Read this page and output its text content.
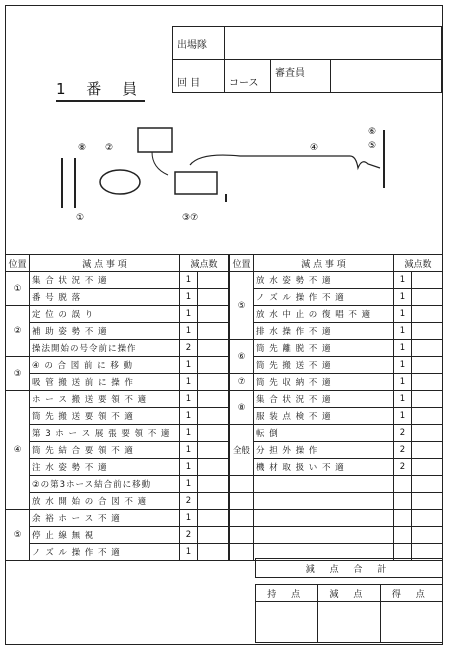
出場隊
回 目	コース
審査員
1 番 員
⑧ ②
①	③⑦
④
⑥
⑤
位置	減 点 事 項	減点数	
①	集 合 状 況 不 適	1	
	番 号 脱 落	1	
②	定 位 の 誤 り	1	
	補 助 姿 勢 不 適	1	
	操法開始の号令前に操作	2	
③	④ の 合 図 前 に 移 動	1	
	吸 管 搬 送 前 に 操 作	1	
④	ホ ー ス 搬 送 要 領 不 適	1	
	筒 先 搬 送 要 領 不 適	1	
	第 3 ホ ー ス 展 張 要 領 不 適	1	
	筒 先 結 合 要 領 不 適	1	
	注 水 姿 勢 不 適	1	
	②の第3ホース結合前に移動	1	
	放 水 開 始 の 合 図 不 適	2	
⑤	余 裕 ホ ー ス 不 適	1	
	停 止 線 無 視	2	
	ノ ズ ル 操 作 不 適	1	
位置	減 点 事 項	減点数	
⑤	放 水 姿 勢 不 適	1	
	ノ ズ ル 操 作 不 適	1	
	放 水 中 止 の 復 唱 不 適	1	
	排 水 操 作 不 適	1	
⑥	筒 先 離 脱 不 適	1	
	筒 先 搬 送 不 適	1	
⑦	筒 先 収 納 不 適	1	
⑧	集 合 状 況 不 適	1	
	服 装 点 検 不 適	1	
全般	転 倒	2	
	分 担 外 操 作	2	
	機 材 取 扱 い 不 適	2	

減 点 合 計
持 点	減 点	得 点
